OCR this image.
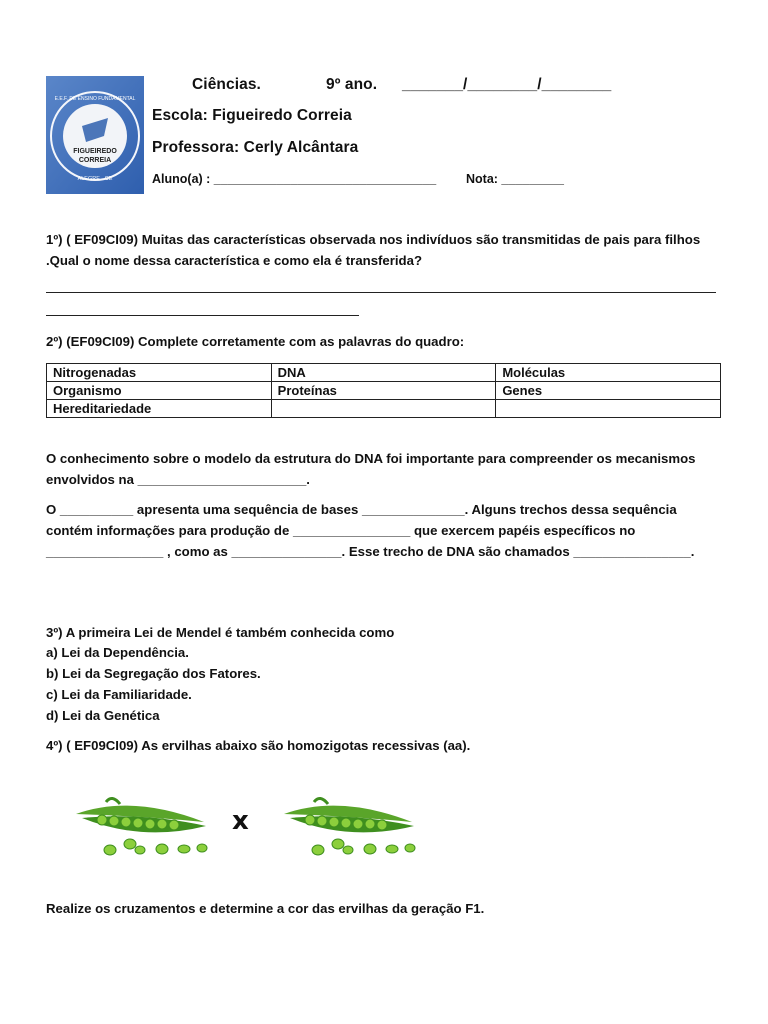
FIGUEIREDO
CORREIA
E.E.F. DE ENSINO FUNDAMENTAL
ALEGRE - CE
Ciências.	9º ano. _______/________/________
Escola: Figueiredo Correia
Professora: Cerly Alcântara
Aluno(a) : ________________________________ Nota: _________
1º) ( EF09CI09) Muitas das características observada nos indivíduos são transmitidas de pais para filhos .Qual o nome dessa característica e como ela é transferida?
2º) (EF09CI09) Complete corretamente com as palavras do quadro:
Nitrogenadas	DNA	Moléculas
Organismo	Proteínas	Genes
Hereditariedade		
O conhecimento sobre o modelo da estrutura do DNA foi importante para compreender os mecanismos envolvidos na _______________________.
O __________ apresenta uma sequência de bases ______________. Alguns trechos dessa sequência contém informações para produção de ________________ que exercem papéis específicos no ________________ , como as _______________. Esse trecho de DNA são chamados ________________.
3º) A primeira Lei de Mendel é também conhecida como
a) Lei da Dependência.
b) Lei da Segregação dos Fatores.
c) Lei da Familiaridade.
d) Lei da Genética
4º) ( EF09CI09) As ervilhas abaixo são homozigotas recessivas (aa).
x
Realize os cruzamentos e determine a cor das ervilhas da geração F1.
